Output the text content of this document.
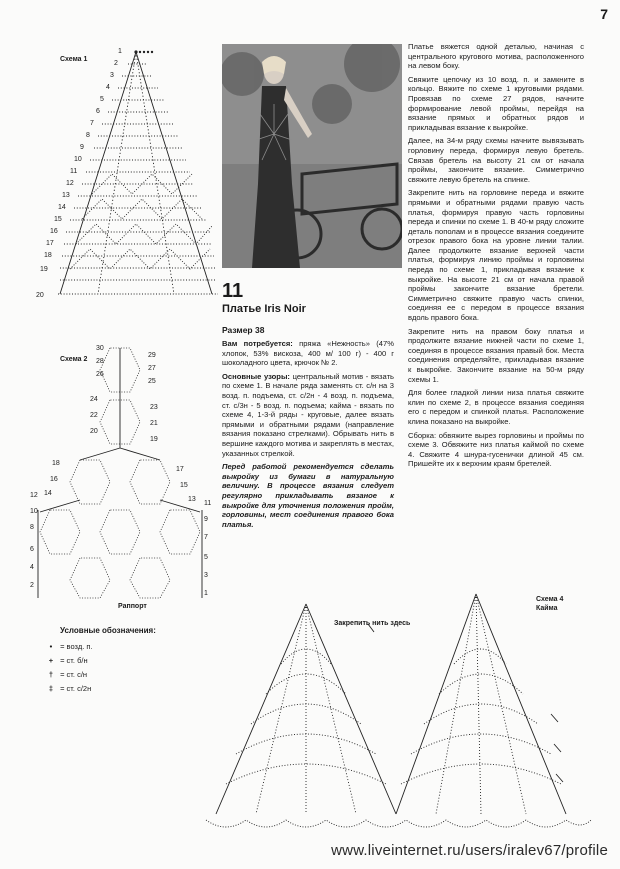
7
Схема 1
1
2
3
4
5
6
7
8
9
10
11
12
13
14
15
16
17
18
19
20
Схема 2
30
28
26
24
22
20
18
16
14
12
10
8
6
4
2
29
27
25
23
21
19
17
15
13
11
9
7
5
3
1
Раппорт
Условные обозначения:
• = возд. п.
+ = ст. б/н
† = ст. с/н
‡ = ст. с/2н
11
Платье Iris Noir
Размер 38

Вам потребуется: пряжа «Нежность» (47% хлопок, 53% вискоза, 400 м/ 100 г) - 400 г шоколадного цвета, крючок № 2.

Основные узоры: центральный мотив - вязать по схеме 1. В начале ряда заменять ст. с/н на 3 возд. п. подъема, ст. с/2н - 4 возд. п. подъема, ст. с/3н - 5 возд. п. подъема; кайма - вязать по схеме 4, 1-3-й ряды - круговые, далее вязать прямыми и обратными рядами (направление вязания показано стрелками). Обрывать нить в вершине каждого мотива и закреплять в местах, указанных стрелкой.

Перед работой рекомендуется сделать выкройку из бумаги в натуральную величину. В процессе вязания следует регулярно прикладывать вязаное к выкройке для уточнения положения пройм, горловины, мест соединения правого бока платья.

Платье вяжется одной деталью, начиная с центрального кругового мотива, расположенного на левом боку.

Свяжите цепочку из 10 возд. п. и замкните в кольцо. Вяжите по схеме 1 круговыми рядами. Провязав по схеме 27 рядов, начните формирование левой проймы, перейдя на вязание прямых и обратных рядов и прикладывая вязание к выкройке.

Далее, на 34-м ряду схемы начните вывязывать горловину переда, формируя левую бретель. Связав бретель на высоту 21 см от начала проймы, закончите вязание. Симметрично свяжите левую бретель на спинке.

Закрепите нить на горловине переда и вяжите прямыми и обратными рядами правую часть платья, формируя правую часть горловины переда и спинки по схеме 1. В 40-м ряду сложите деталь пополам и в процессе вязания соедините отрезок правого бока на уровне линии талии. Далее продолжите вязание верхней части платья, формируя линию проймы и горловины переда по схеме 1, прикладывая вязание к выкройке. На высоте 21 см от начала правой проймы закончите вязание бретели. Симметрично свяжите правую часть спинки, соединяя ее с передом в процессе вязания вдоль правого бока.

Закрепите нить на правом боку платья и продолжите вязание нижней части по схеме 1, соединяя в процессе вязания правый бок. Места соединения определяйте, прикладывая вязание к выкройке. Закончите вязание на 50-м ряду схемы 1.

Для более гладкой линии низа платья свяжите клин по схеме 2, в процессе вязания соединяя его с передом и спинкой платья. Расположение клина показано на выкройке.

Сборка: обвяжите вырез горловины и проймы по схеме 3. Обвяжите низ платья каймой по схеме 4. Свяжите 4 шнура-гусенички длиной 45 см. Пришейте их к верхним краям бретелей.

Закрепить нить здесь
Схема 4
Кайма
www.liveinternet.ru/users/iralev67/profile
